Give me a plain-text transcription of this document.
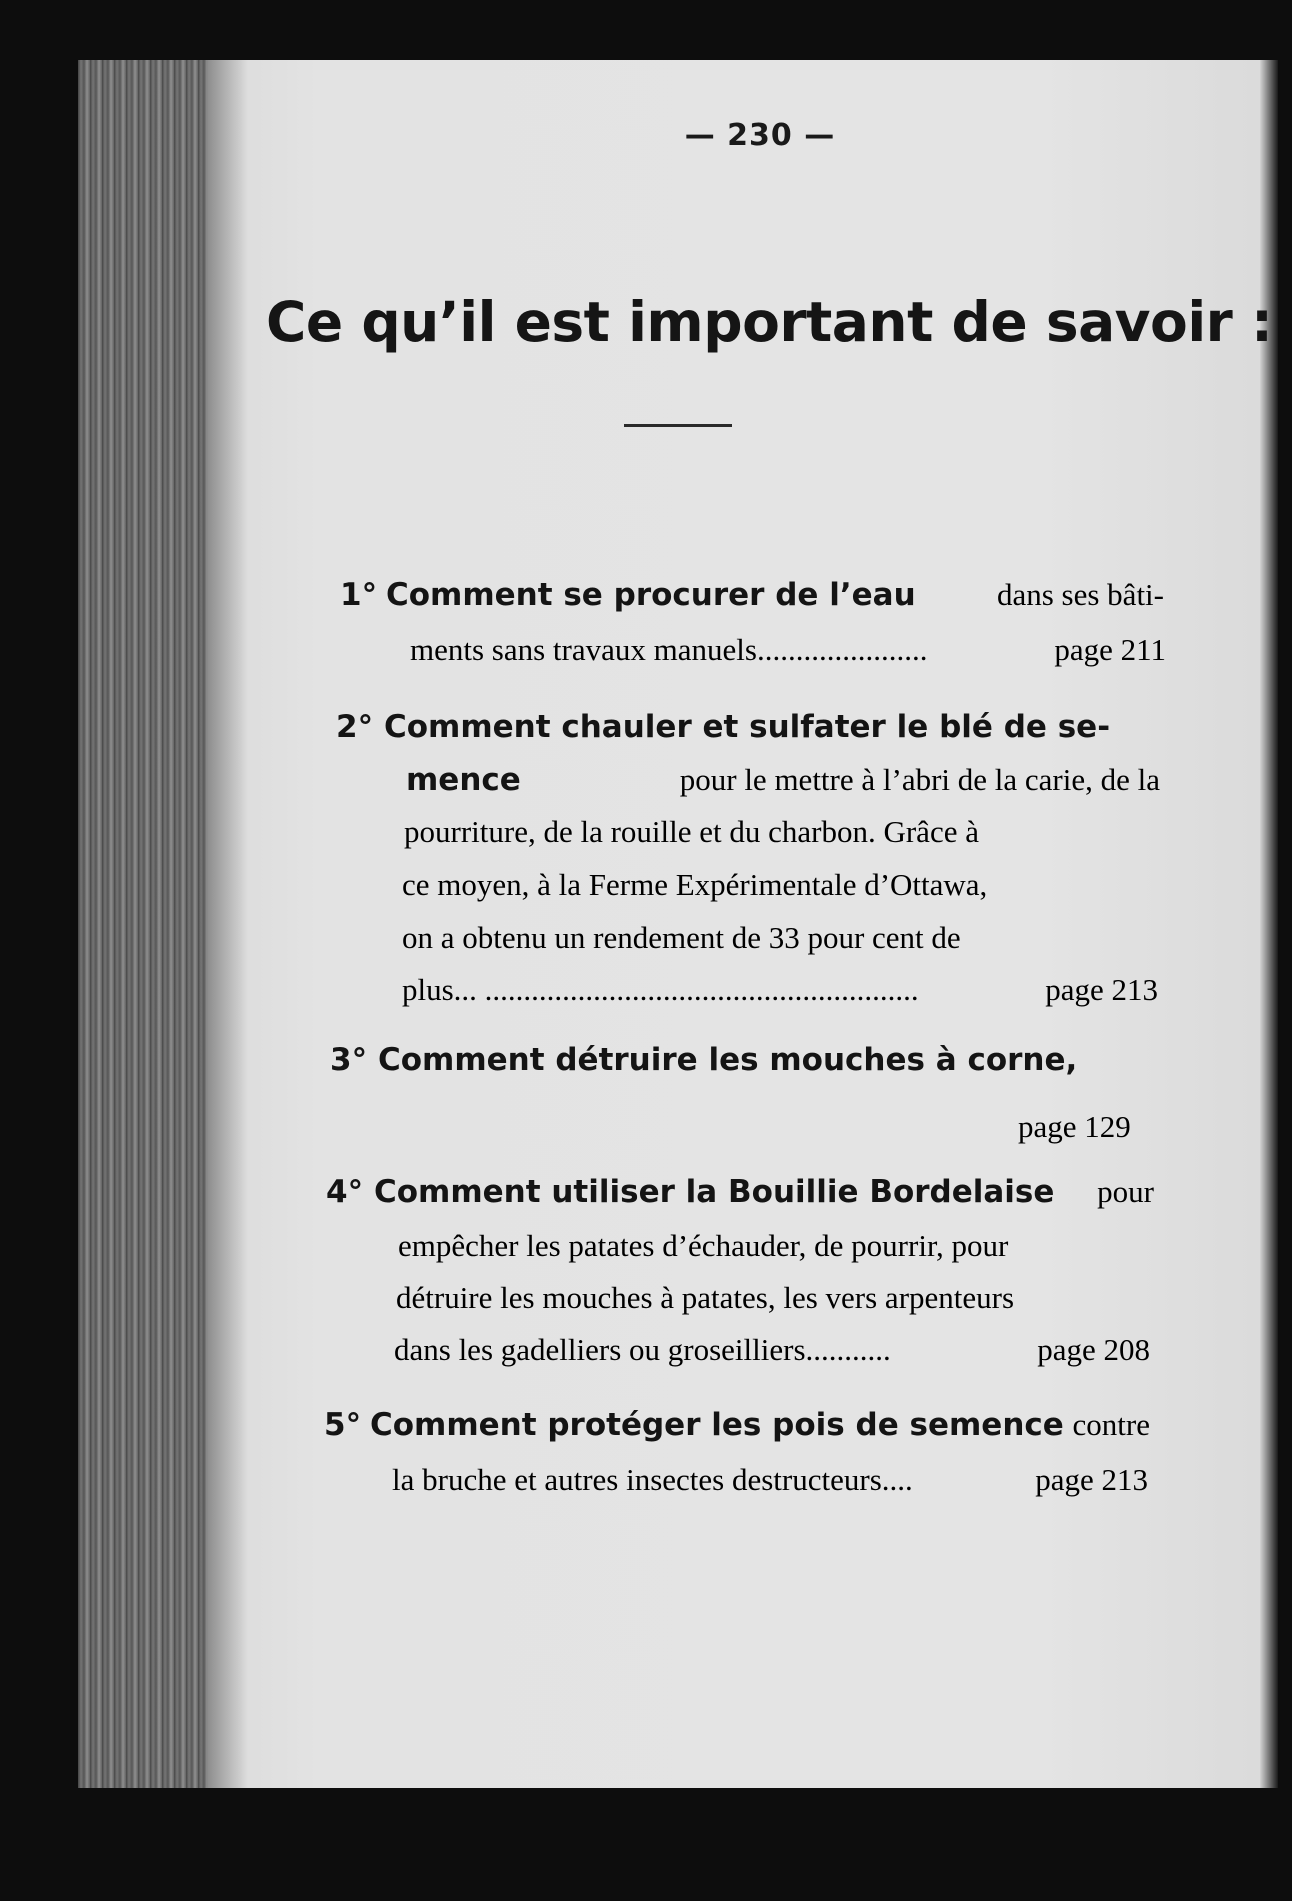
— 230 —
Ce qu’il est important de savoir :
1° Comment se procurer de l’eau	dans ses bâti-
ments sans travaux manuels......................	page 211
2° Comment chauler et sulfater le blé de se-
mence	pour le mettre à l’abri de la carie, de la
pourriture, de la rouille et du charbon. Grâce à
ce moyen, à la Ferme Expérimentale d’Ottawa,
on a obtenu un rendement de 33 pour cent de
plus... ........................................................	page 213
3° Comment détruire les mouches à corne,
page 129
4° Comment utiliser la Bouillie Bordelaise pour
empêcher les patates d’échauder, de pourrir, pour
détruire les mouches à patates, les vers arpenteurs
dans les gadelliers ou groseilliers...........	page 208
5° Comment protéger les pois de semence contre
la bruche et autres insectes destructeurs....	page 213
